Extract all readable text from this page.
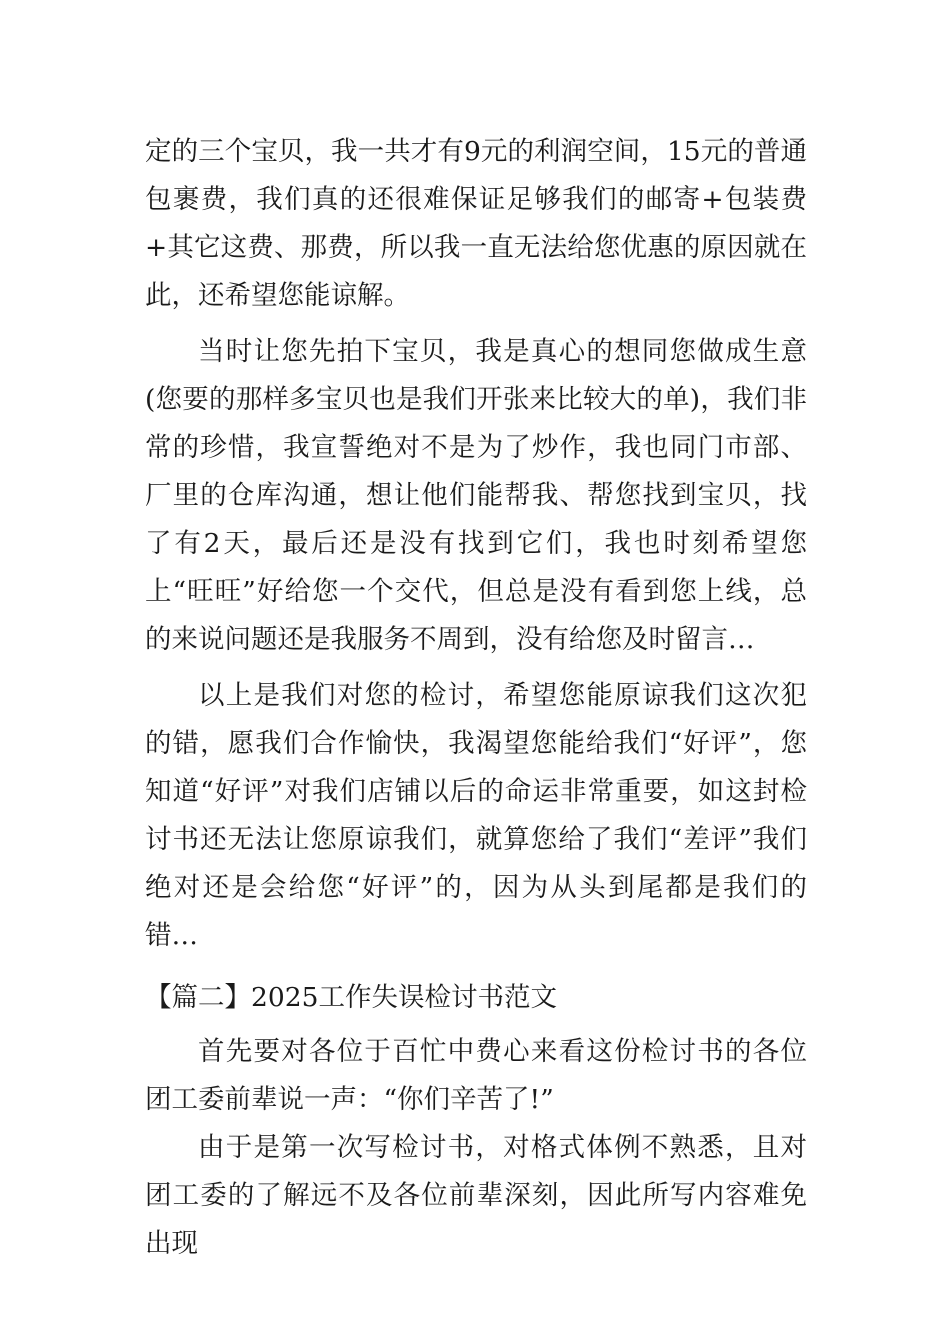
定的三个宝贝，我一共才有9元的利润空间，15元的普通包裹费，我们真的还很难保证足够我们的邮寄+包装费+其它这费、那费，所以我一直无法给您优惠的原因就在此，还希望您能谅解。

当时让您先拍下宝贝，我是真心的想同您做成生意(您要的那样多宝贝也是我们开张来比较大的单)，我们非常的珍惜，我宣誓绝对不是为了炒作，我也同门市部、厂里的仓库沟通，想让他们能帮我、帮您找到宝贝，找了有2天，最后还是没有找到它们，我也时刻希望您上“旺旺”好给您一个交代，但总是没有看到您上线，总的来说问题还是我服务不周到，没有给您及时留言…

以上是我们对您的检讨，希望您能原谅我们这次犯的错，愿我们合作愉快，我渴望您能给我们“好评”，您知道“好评”对我们店铺以后的命运非常重要，如这封检讨书还无法让您原谅我们，就算您给了我们“差评”我们绝对还是会给您“好评”的，因为从头到尾都是我们的错…

【篇二】2025工作失误检讨书范文

首先要对各位于百忙中费心来看这份检讨书的各位团工委前辈说一声：“你们辛苦了!”

由于是第一次写检讨书，对格式体例不熟悉，且对团工委的了解远不及各位前辈深刻，因此所写内容难免出现
